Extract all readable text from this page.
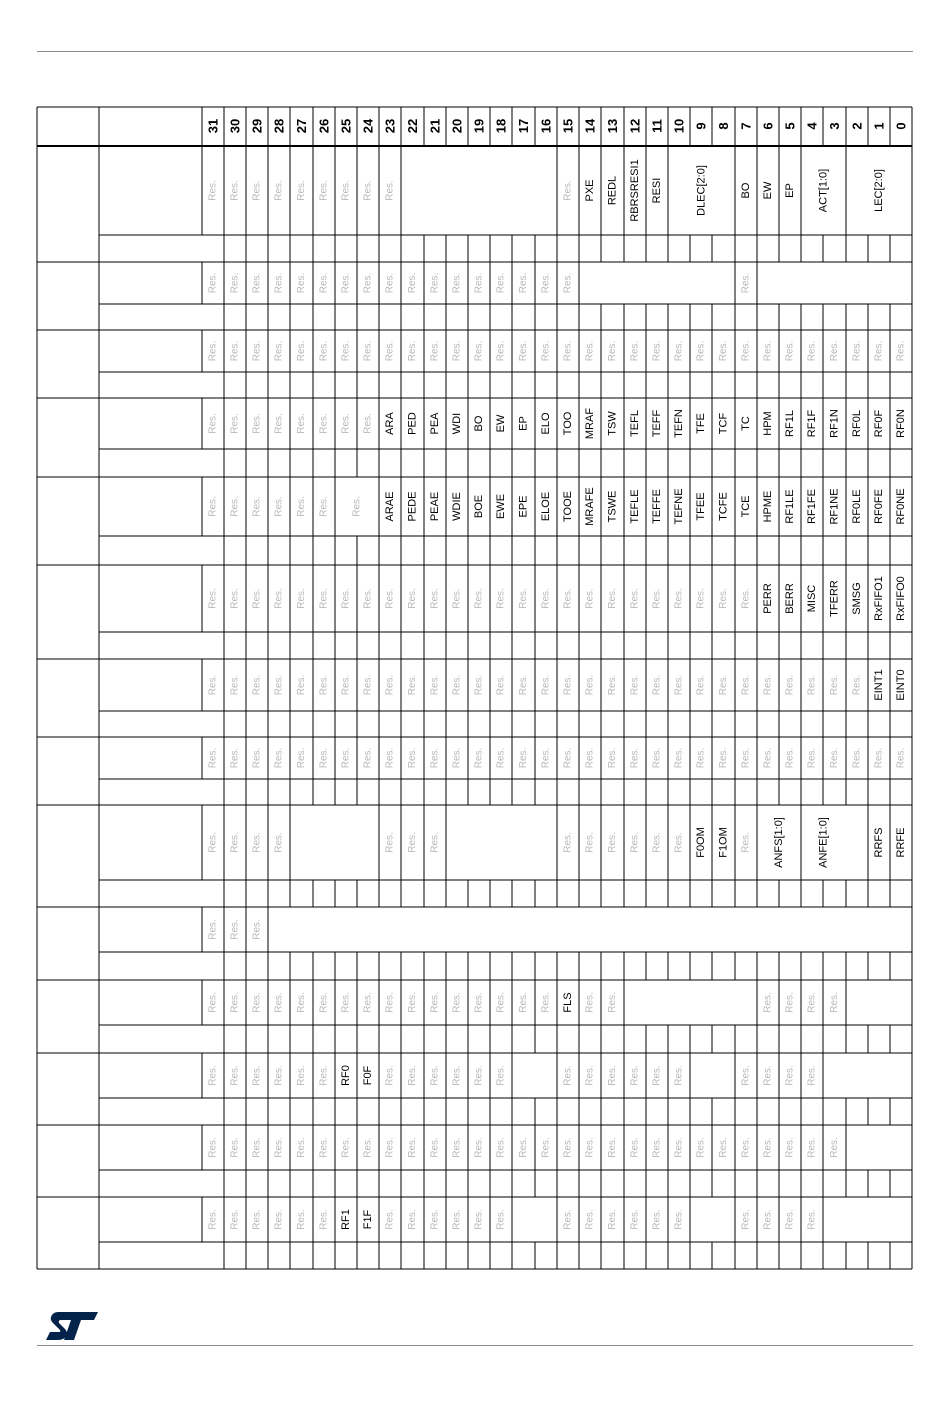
31 30 29 28 27 26 25 24 23 22 21 20 19 18 17 16 15 14 13 12 11 10 9 8 7 6 5 4 3 2 1 0
Res. Res. Res. Res. Res. Res. Res. Res. Res.	Res. PXE REDL RBRSRESI1 RESI	DLEC[2:0]	BO EW EP ACT[1:0]	LEC[2:0]
Res. Res. Res. Res. Res. Res. Res. Res. Res. Res. Res. Res. Res. Res. Res. Res. Res.	Res.
Res. Res. Res. Res. Res. Res. Res. Res. Res. Res. Res. Res. Res. Res. Res. Res. Res. Res. Res. Res. Res. Res. Res. Res. Res. Res. Res. Res. Res. Res. Res. Res.
Res. Res. Res. Res. Res. Res. Res. Res. ARA PED PEA WDI BO EW EP ELO TOO MRAF TSW TEFL TEFF TEFN TFE TCF TC HPM RF1L RF1F RF1N RF0L RF0F RF0N
Res. Res. Res. Res. Res. Res. Res. ARAE PEDE PEAE WDIE BOE EWE EPE ELOE TOOE MRAFE TSWE TEFLE TEFFE TEFNE TFEE TCFE TCE HPME RF1LE RF1FE RF1NE RF0LE RF0FE RF0NE
Res. Res. Res. Res. Res. Res. Res. Res. Res. Res. Res. Res. Res. Res. Res. Res. Res. Res. Res. Res. Res. Res. Res. Res. Res. PERR BERR MISC TFERR SMSG RxFIFO1 RxFIFO0
Res. Res. Res. Res. Res. Res. Res. Res. Res. Res. Res. Res. Res. Res. Res. Res. Res. Res. Res. Res. Res. Res. Res. Res. Res. Res. Res. Res. Res. Res. EINT1 EINT0
Res. Res. Res. Res. Res. Res. Res. Res. Res. Res. Res. Res. Res. Res. Res. Res. Res. Res. Res. Res. Res. Res. Res. Res. Res. Res. Res. Res. Res. Res. Res. Res.
Res. Res. Res. Res.	Res. Res. Res.	Res. Res. Res. Res. Res. Res. F0OM F1OM Res. ANFS[1:0]	ANFE[1:0]	RRFS RRFE
Res. Res. Res.
Res. Res. Res. Res. Res. Res. Res. Res. Res. Res. Res. Res. Res. Res. Res. Res. FLS Res. Res.	Res. Res. Res. Res.
Res. Res. Res. Res. Res. Res. RF0 F0F Res. Res. Res. Res. Res. Res.	Res. Res. Res. Res. Res. Res.	Res. Res. Res. Res.
Res. Res. Res. Res. Res. Res. Res. Res. Res. Res. Res. Res. Res. Res. Res. Res. Res. Res. Res. Res. Res. Res. Res. Res. Res. Res. Res. Res. Res.
Res. Res. Res. Res. Res. Res. RF1 F1F Res. Res. Res. Res. Res. Res.	Res. Res. Res. Res. Res. Res.	Res. Res. Res. Res.
